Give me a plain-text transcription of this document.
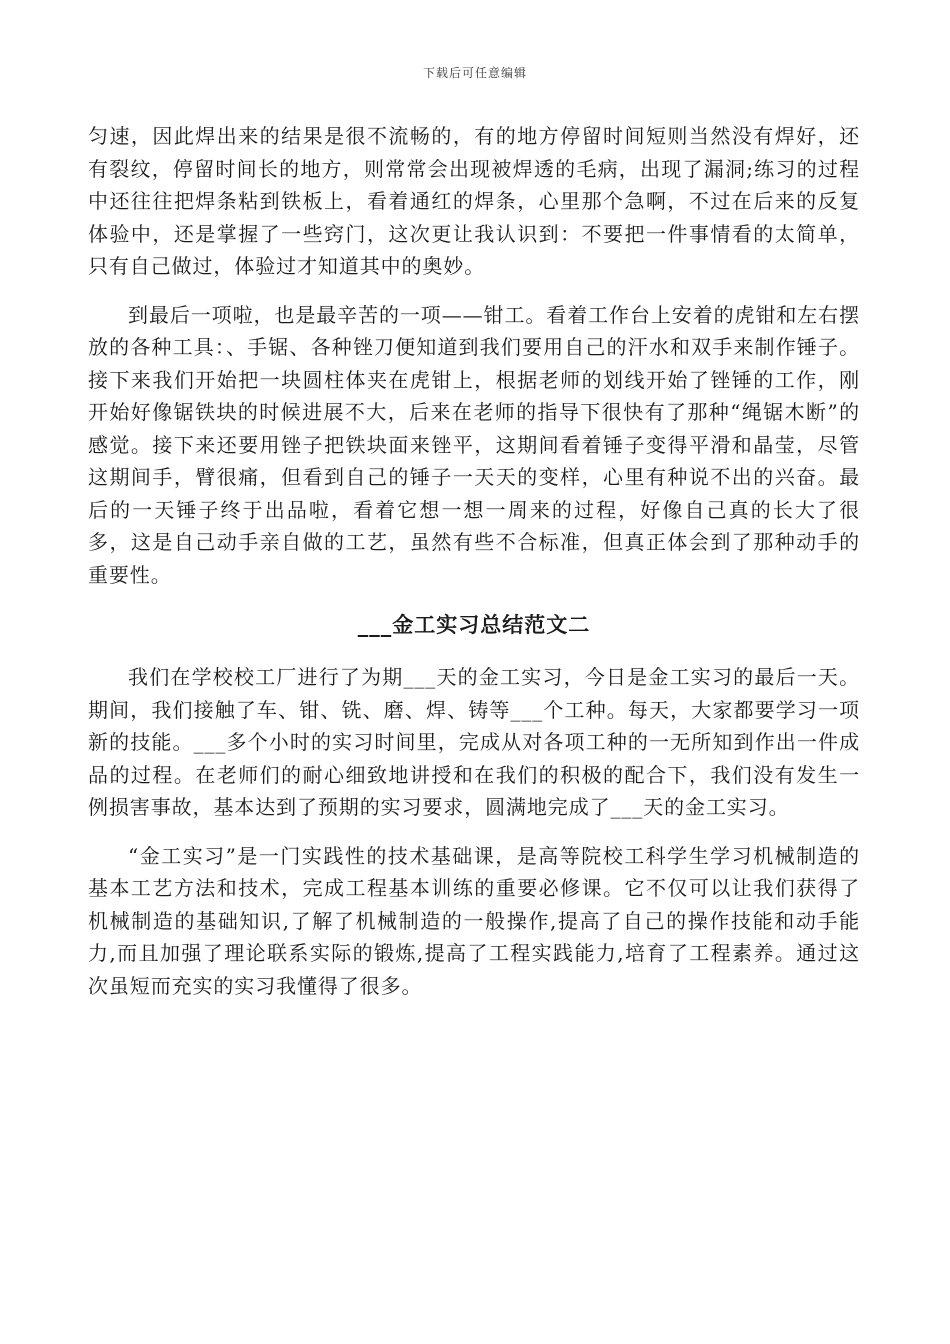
下载后可任意编辑

匀速，因此焊出来的结果是很不流畅的，有的地方停留时间短则当然没有焊好，还有裂纹，停留时间长的地方，则常常会出现被焊透的毛病，出现了漏洞;练习的过程中还往往把焊条粘到铁板上，看着通红的焊条，心里那个急啊，不过在后来的反复体验中，还是掌握了一些窍门，这次更让我认识到：不要把一件事情看的太简单，只有自己做过，体验过才知道其中的奥妙。

到最后一项啦，也是最辛苦的一项——钳工。看着工作台上安着的虎钳和左右摆放的各种工具：、手锯、各种锉刀便知道到我们要用自己的汗水和双手来制作锤子。接下来我们开始把一块圆柱体夹在虎钳上，根据老师的划线开始了锉锤的工作，刚开始好像锯铁块的时候进展不大，后来在老师的指导下很快有了那种“绳锯木断”的感觉。接下来还要用锉子把铁块面来锉平，这期间看着锤子变得平滑和晶莹，尽管这期间手，臂很痛，但看到自己的锤子一天天的变样，心里有种说不出的兴奋。最后的一天锤子终于出品啦，看着它想一想一周来的过程，好像自己真的长大了很多，这是自己动手亲自做的工艺，虽然有些不合标准，但真正体会到了那种动手的重要性。

___金工实习总结范文二

我们在学校校工厂进行了为期___天的金工实习，今日是金工实习的最后一天。期间，我们接触了车、钳、铣、磨、焊、铸等___个工种。每天，大家都要学习一项新的技能。___多个小时的实习时间里，完成从对各项工种的一无所知到作出一件成品的过程。在老师们的耐心细致地讲授和在我们的积极的配合下，我们没有发生一例损害事故，基本达到了预期的实习要求，圆满地完成了___天的金工实习。

“金工实习”是一门实践性的技术基础课，是高等院校工科学生学习机械制造的基本工艺方法和技术，完成工程基本训练的重要必修课。它不仅可以让我们获得了机械制造的基础知识,了解了机械制造的一般操作,提高了自己的操作技能和动手能力,而且加强了理论联系实际的锻炼,提高了工程实践能力,培育了工程素养。通过这次虽短而充实的实习我懂得了很多。
